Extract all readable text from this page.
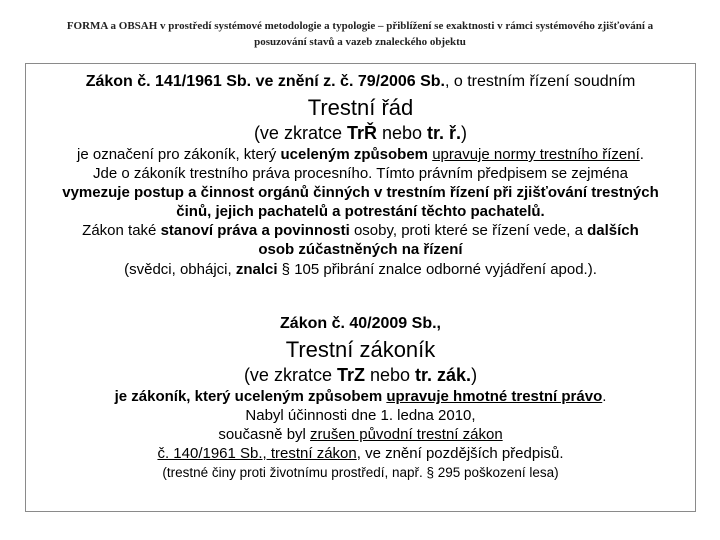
FORMA a OBSAH v prostředí systémové metodologie a typologie – přiblížení se exaktnosti v rámci systémového zjišťování a
posuzování stavů a vazeb znaleckého objektu
Zákon č. 141/1961 Sb. ve znění z. č. 79/2006 Sb., o trestním řízení soudním
Trestní řád
(ve zkratce TrŘ nebo tr. ř.)
je označení pro zákoník, který uceleným způsobem upravuje normy trestního řízení.
Jde o zákoník trestního práva procesního. Tímto právním předpisem se zejména
vymezuje postup a činnost orgánů činných v trestním řízení při zjišťování trestných
činů, jejich pachatelů a potrestání těchto pachatelů.
Zákon také stanoví práva a povinnosti osoby, proti které se řízení vede, a dalších
osob zúčastněných na řízení
(svědci, obhájci, znalci § 105 přibrání znalce odborné vyjádření apod.).
Zákon č. 40/2009 Sb.,
Trestní zákoník
(ve zkratce TrZ nebo tr. zák.)
je zákoník, který uceleným způsobem upravuje hmotné trestní právo.
Nabyl účinnosti dne 1. ledna 2010,
současně byl zrušen původní trestní zákon
č. 140/1961 Sb., trestní zákon, ve znění pozdějších předpisů.
(trestné činy proti životnímu prostředí, např. § 295 poškození lesa)
